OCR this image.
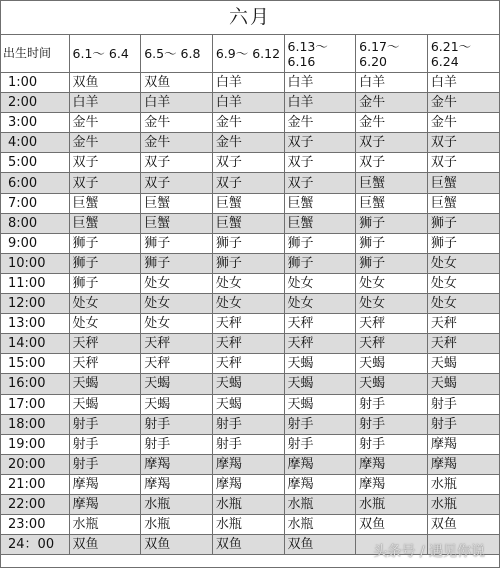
六月
出生时间	6.1～ 6.4	6.5～ 6.8	6.9～ 6.12	6.13～ 6.16	6.17～6.20	6.21～ 6.24
1:00	双鱼	双鱼	白羊	白羊	白羊	白羊
2:00	白羊	白羊	白羊	白羊	金牛	金牛
3:00	金牛	金牛	金牛	金牛	金牛	金牛
4:00	金牛	金牛	金牛	双子	双子	双子
5:00	双子	双子	双子	双子	双子	双子
6:00	双子	双子	双子	双子	巨蟹	巨蟹
7:00	巨蟹	巨蟹	巨蟹	巨蟹	巨蟹	巨蟹
8:00	巨蟹	巨蟹	巨蟹	巨蟹	狮子	狮子
9:00	狮子	狮子	狮子	狮子	狮子	狮子
10:00	狮子	狮子	狮子	狮子	狮子	处女
11:00	狮子	处女	处女	处女	处女	处女
12:00	处女	处女	处女	处女	处女	处女
13:00	处女	处女	天秤	天秤	天秤	天秤
14:00	天秤	天秤	天秤	天秤	天秤	天秤
15:00	天秤	天秤	天秤	天蝎	天蝎	天蝎
16:00	天蝎	天蝎	天蝎	天蝎	天蝎	天蝎
17:00	天蝎	天蝎	天蝎	天蝎	射手	射手
18:00	射手	射手	射手	射手	射手	射手
19:00	射手	射手	射手	射手	射手	摩羯
20:00	射手	摩羯	摩羯	摩羯	摩羯	摩羯
21:00	摩羯	摩羯	摩羯	摩羯	摩羯	水瓶
22:00	摩羯	水瓶	水瓶	水瓶	水瓶	水瓶
23:00	水瓶	水瓶	水瓶	水瓶	双鱼	双鱼
24：00	双鱼	双鱼	双鱼	双鱼			头条号 / 遇见你说
